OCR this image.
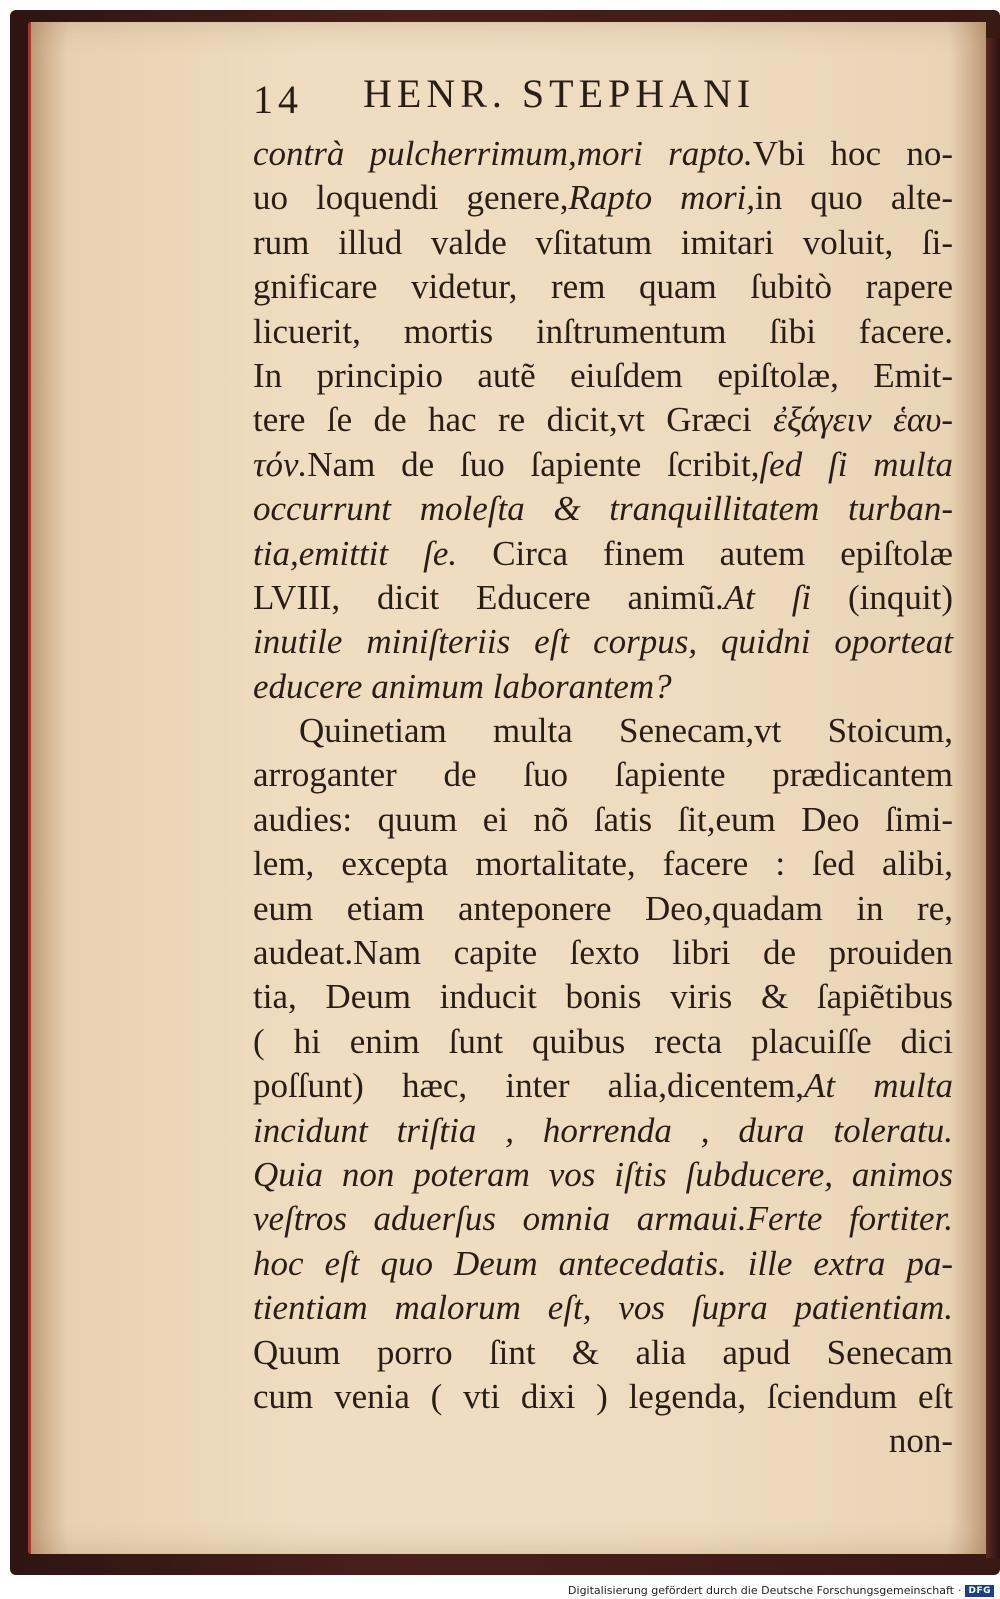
14 HENR. STEPHANI
contrà pulcherrimum,mori rapto.Vbi hoc no-
uo loquendi genere,Rapto mori,in quo alte-
rum illud valde vſitatum imitari voluit, ſi-
gnificare videtur, rem quam ſubitò rapere
licuerit, mortis inſtrumentum ſibi facere.
In principio autẽ eiuſdem epiſtolæ, Emit-
tere ſe de hac re dicit,vt Græci ἐξάγειν ἑαυ-
τόν.Nam de ſuo ſapiente ſcribit,ſed ſi multa
occurrunt moleſta & tranquillitatem turban-
tia,emittit ſe. Circa finem autem epiſtolæ
LVIII, dicit Educere animũ.At ſi (inquit)
inutile miniſteriis eſt corpus, quidni oporteat
educere animum laborantem?
Quinetiam multa Senecam,vt Stoicum,
arroganter de ſuo ſapiente prædicantem
audies: quum ei nõ ſatis ſit,eum Deo ſimi-
lem, excepta mortalitate, facere : ſed alibi,
eum etiam anteponere Deo,quadam in re,
audeat.Nam capite ſexto libri de prouiden
tia, Deum inducit bonis viris & ſapiẽtibus
( hi enim ſunt quibus recta placuiſſe dici
poſſunt) hæc, inter alia,dicentem,At multa
incidunt triſtia , horrenda , dura toleratu.
Quia non poteram vos iſtis ſubducere, animos
veſtros aduerſus omnia armaui.Ferte fortiter.
hoc eſt quo Deum antecedatis. ille extra pa-
tientiam malorum eſt, vos ſupra patientiam.
Quum porro ſint & alia apud Senecam
cum venia ( vti dixi ) legenda, ſciendum eſt
non-
Digitalisierung gefördert durch die Deutsche Forschungsgemeinschaft · DFG
